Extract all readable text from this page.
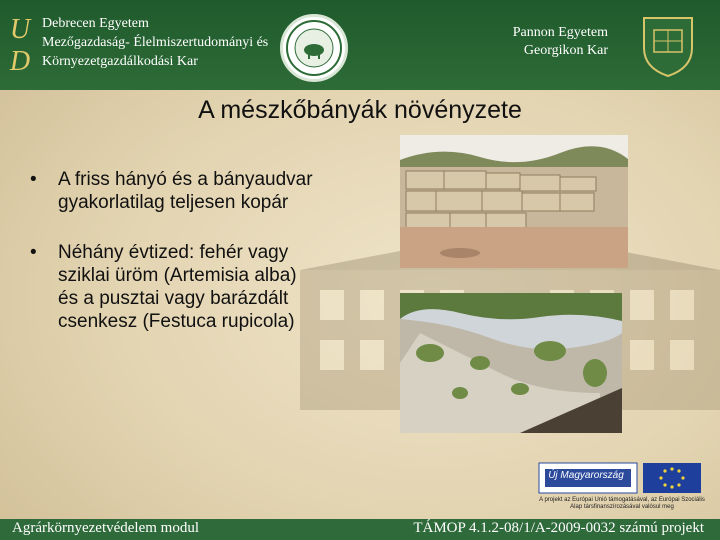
U
D
Debrecen Egyetem
Mezőgazdaság- Élelmiszertudományi és
Környezetgazdálkodási Kar
Pannon Egyetem
Georgikon Kar
A mészkőbányák növényzete
• A friss hányó és a bányaudvar gyakorlatilag teljesen kopár
• Néhány évtized: fehér vagy sziklai üröm (Artemisia alba) és a pusztai vagy barázdált csenkesz (Festuca rupicola)
Új Magyarország
A projekt az Európai Unió támogatásával, az Európai Szociális Alap társfinanszírozásával valósul meg
Agrárkörnyezetvédelem modul	TÁMOP 4.1.2-08/1/A-2009-0032 számú projekt
